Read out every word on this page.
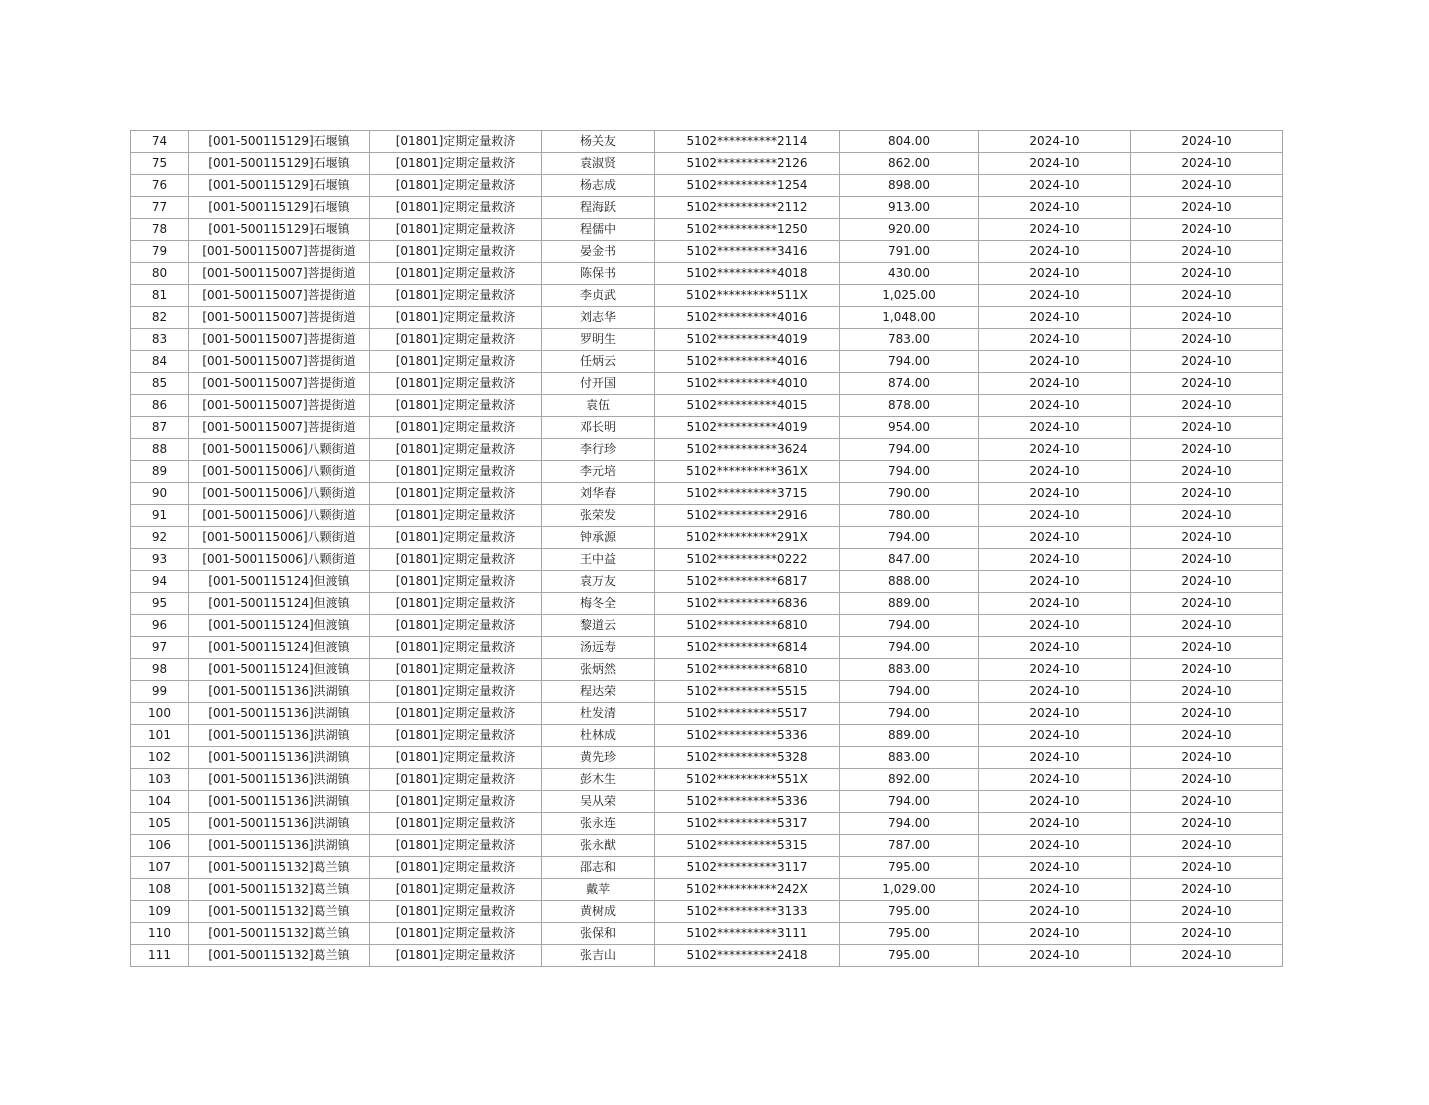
74	[001-500115129]石堰镇	[01801]定期定量救济	杨关友	5102**********2114	804.00	2024-10	2024-10
75	[001-500115129]石堰镇	[01801]定期定量救济	袁淑贤	5102**********2126	862.00	2024-10	2024-10
76	[001-500115129]石堰镇	[01801]定期定量救济	杨志成	5102**********1254	898.00	2024-10	2024-10
77	[001-500115129]石堰镇	[01801]定期定量救济	程海跃	5102**********2112	913.00	2024-10	2024-10
78	[001-500115129]石堰镇	[01801]定期定量救济	程儒中	5102**********1250	920.00	2024-10	2024-10
79	[001-500115007]菩提街道	[01801]定期定量救济	晏金书	5102**********3416	791.00	2024-10	2024-10
80	[001-500115007]菩提街道	[01801]定期定量救济	陈保书	5102**********4018	430.00	2024-10	2024-10
81	[001-500115007]菩提街道	[01801]定期定量救济	李贞武	5102**********511X	1,025.00	2024-10	2024-10
82	[001-500115007]菩提街道	[01801]定期定量救济	刘志华	5102**********4016	1,048.00	2024-10	2024-10
83	[001-500115007]菩提街道	[01801]定期定量救济	罗明生	5102**********4019	783.00	2024-10	2024-10
84	[001-500115007]菩提街道	[01801]定期定量救济	任炳云	5102**********4016	794.00	2024-10	2024-10
85	[001-500115007]菩提街道	[01801]定期定量救济	付开国	5102**********4010	874.00	2024-10	2024-10
86	[001-500115007]菩提街道	[01801]定期定量救济	袁伍	5102**********4015	878.00	2024-10	2024-10
87	[001-500115007]菩提街道	[01801]定期定量救济	邓长明	5102**********4019	954.00	2024-10	2024-10
88	[001-500115006]八颗街道	[01801]定期定量救济	李行珍	5102**********3624	794.00	2024-10	2024-10
89	[001-500115006]八颗街道	[01801]定期定量救济	李元培	5102**********361X	794.00	2024-10	2024-10
90	[001-500115006]八颗街道	[01801]定期定量救济	刘华春	5102**********3715	790.00	2024-10	2024-10
91	[001-500115006]八颗街道	[01801]定期定量救济	张荣发	5102**********2916	780.00	2024-10	2024-10
92	[001-500115006]八颗街道	[01801]定期定量救济	钟承源	5102**********291X	794.00	2024-10	2024-10
93	[001-500115006]八颗街道	[01801]定期定量救济	王中益	5102**********0222	847.00	2024-10	2024-10
94	[001-500115124]但渡镇	[01801]定期定量救济	袁万友	5102**********6817	888.00	2024-10	2024-10
95	[001-500115124]但渡镇	[01801]定期定量救济	梅冬全	5102**********6836	889.00	2024-10	2024-10
96	[001-500115124]但渡镇	[01801]定期定量救济	黎道云	5102**********6810	794.00	2024-10	2024-10
97	[001-500115124]但渡镇	[01801]定期定量救济	汤远寿	5102**********6814	794.00	2024-10	2024-10
98	[001-500115124]但渡镇	[01801]定期定量救济	张炳然	5102**********6810	883.00	2024-10	2024-10
99	[001-500115136]洪湖镇	[01801]定期定量救济	程达荣	5102**********5515	794.00	2024-10	2024-10
100	[001-500115136]洪湖镇	[01801]定期定量救济	杜发清	5102**********5517	794.00	2024-10	2024-10
101	[001-500115136]洪湖镇	[01801]定期定量救济	杜林成	5102**********5336	889.00	2024-10	2024-10
102	[001-500115136]洪湖镇	[01801]定期定量救济	黄先珍	5102**********5328	883.00	2024-10	2024-10
103	[001-500115136]洪湖镇	[01801]定期定量救济	彭木生	5102**********551X	892.00	2024-10	2024-10
104	[001-500115136]洪湖镇	[01801]定期定量救济	吴从荣	5102**********5336	794.00	2024-10	2024-10
105	[001-500115136]洪湖镇	[01801]定期定量救济	张永连	5102**********5317	794.00	2024-10	2024-10
106	[001-500115136]洪湖镇	[01801]定期定量救济	张永猷	5102**********5315	787.00	2024-10	2024-10
107	[001-500115132]葛兰镇	[01801]定期定量救济	邵志和	5102**********3117	795.00	2024-10	2024-10
108	[001-500115132]葛兰镇	[01801]定期定量救济	戴苹	5102**********242X	1,029.00	2024-10	2024-10
109	[001-500115132]葛兰镇	[01801]定期定量救济	黄树成	5102**********3133	795.00	2024-10	2024-10
110	[001-500115132]葛兰镇	[01801]定期定量救济	张保和	5102**********3111	795.00	2024-10	2024-10
111	[001-500115132]葛兰镇	[01801]定期定量救济	张吉山	5102**********2418	795.00	2024-10	2024-10
